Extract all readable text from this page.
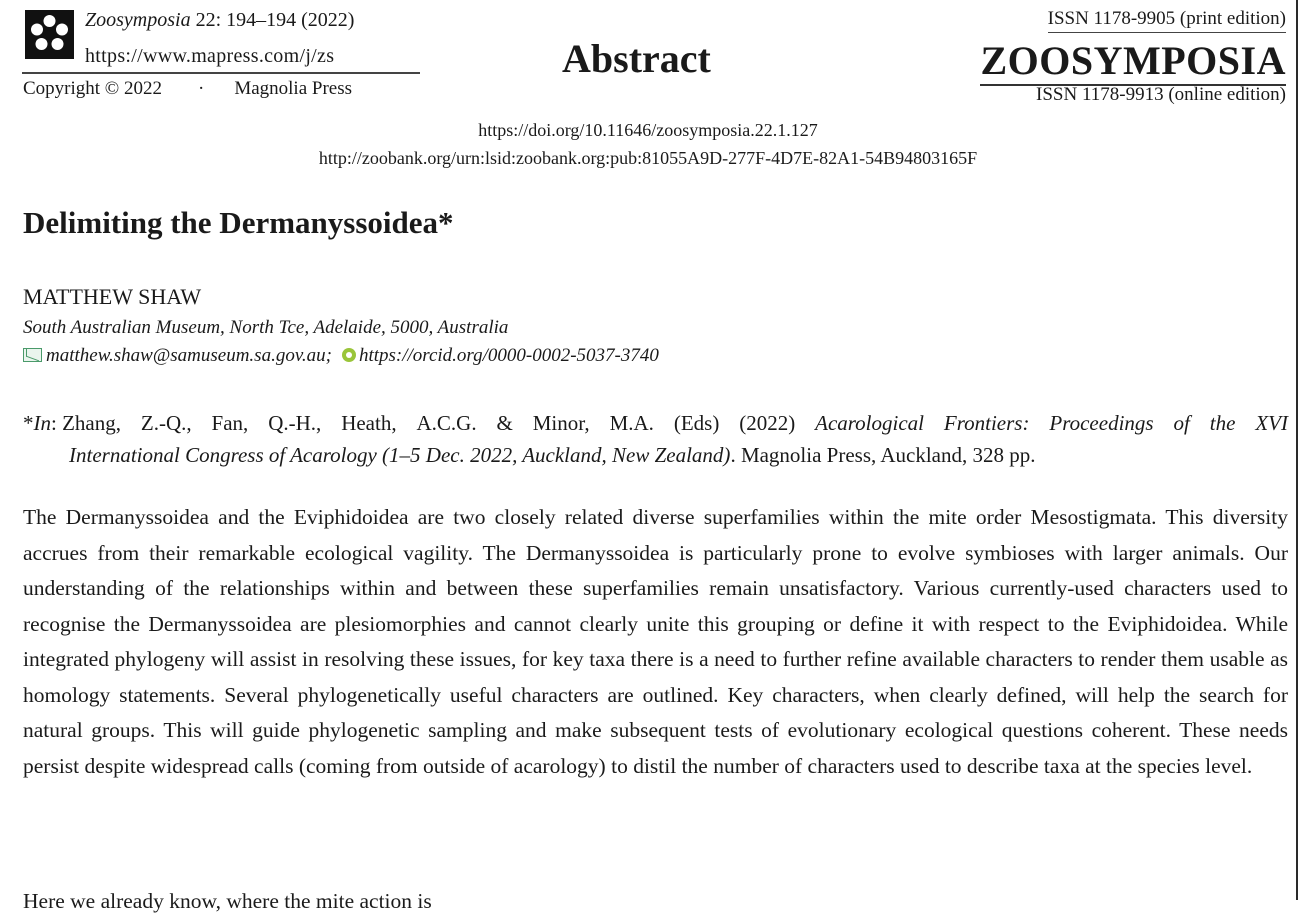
Zoosymposia 22: 194–194 (2022)
https://www.mapress.com/j/zs
Copyright © 2022 · Magnolia Press
Abstract
ISSN 1178-9905 (print edition)
ZOOSYMPOSIA
ISSN 1178-9913 (online edition)
https://doi.org/10.11646/zoosymposia.22.1.127
http://zoobank.org/urn:lsid:zoobank.org:pub:81055A9D-277F-4D7E-82A1-54B94803165F
Delimiting the Dermanyssoidea*
MATTHEW SHAW
South Australian Museum, North Tce, Adelaide, 5000, Australia
matthew.shaw@samuseum.sa.gov.au; https://orcid.org/0000-0002-5037-3740
*In: Zhang, Z.-Q., Fan, Q.-H., Heath, A.C.G. & Minor, M.A. (Eds) (2022) Acarological Frontiers: Proceedings of the XVI
International Congress of Acarology (1–5 Dec. 2022, Auckland, New Zealand). Magnolia Press, Auckland, 328 pp.

The Dermanyssoidea and the Eviphidoidea are two closely related diverse superfamilies within the mite order Mesostigmata. This diversity accrues from their remarkable ecological vagility. The Dermanyssoidea is particularly prone to evolve symbioses with larger animals. Our understanding of the relationships within and between these superfamilies remain unsatisfactory. Various currently-used characters used to recognise the Dermanyssoidea are plesiomorphies and cannot clearly unite this grouping or define it with respect to the Eviphidoidea. While integrated phylogeny will assist in resolving these issues, for key taxa there is a need to further refine available characters to render them usable as homology statements. Several phylogenetically useful characters are outlined. Key characters, when clearly defined, will help the search for natural groups. This will guide phylogenetic sampling and make subsequent tests of evolutionary ecological questions coherent. These needs persist despite widespread calls (coming from outside of acarology) to distil the number of characters used to describe taxa at the species level.

Here we already know, where the mite action is
